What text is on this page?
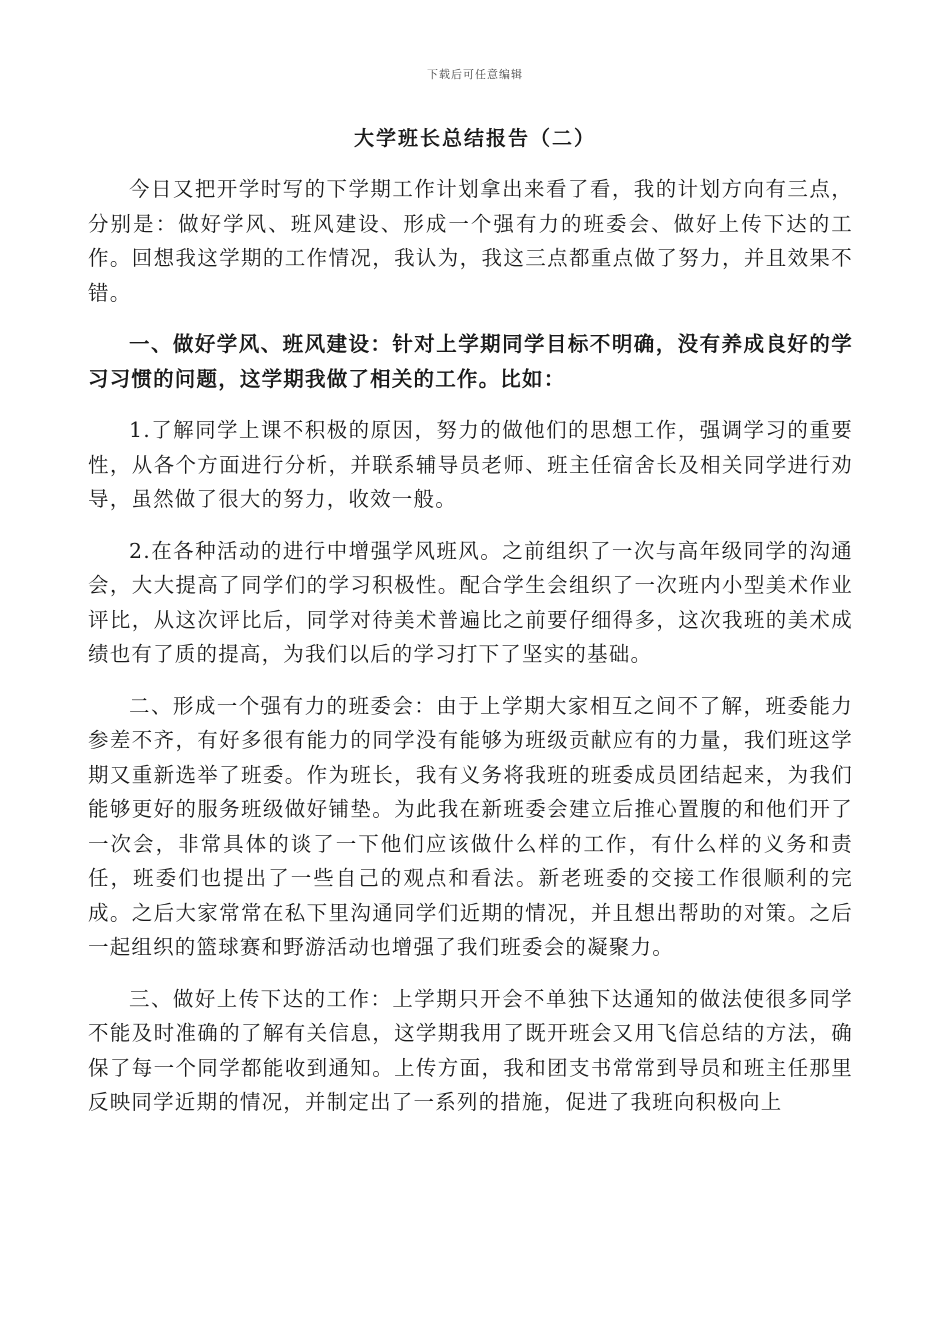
下载后可任意编辑
大学班长总结报告（二）

今日又把开学时写的下学期工作计划拿出来看了看，我的计划方向有三点，分别是：做好学风、班风建设、形成一个强有力的班委会、做好上传下达的工作。回想我这学期的工作情况，我认为，我这三点都重点做了努力，并且效果不错。

一、做好学风、班风建设：针对上学期同学目标不明确，没有养成良好的学习习惯的问题，这学期我做了相关的工作。比如：

1.了解同学上课不积极的原因，努力的做他们的思想工作，强调学习的重要性，从各个方面进行分析，并联系辅导员老师、班主任宿舍长及相关同学进行劝导，虽然做了很大的努力，收效一般。

2.在各种活动的进行中增强学风班风。之前组织了一次与高年级同学的沟通会，大大提高了同学们的学习积极性。配合学生会组织了一次班内小型美术作业评比，从这次评比后，同学对待美术普遍比之前要仔细得多，这次我班的美术成绩也有了质的提高，为我们以后的学习打下了坚实的基础。

二、形成一个强有力的班委会：由于上学期大家相互之间不了解，班委能力参差不齐，有好多很有能力的同学没有能够为班级贡献应有的力量，我们班这学期又重新选举了班委。作为班长，我有义务将我班的班委成员团结起来，为我们能够更好的服务班级做好铺垫。为此我在新班委会建立后推心置腹的和他们开了一次会，非常具体的谈了一下他们应该做什么样的工作，有什么样的义务和责任，班委们也提出了一些自己的观点和看法。新老班委的交接工作很顺利的完成。之后大家常常在私下里沟通同学们近期的情况，并且想出帮助的对策。之后一起组织的篮球赛和野游活动也增强了我们班委会的凝聚力。

三、做好上传下达的工作：上学期只开会不单独下达通知的做法使很多同学不能及时准确的了解有关信息，这学期我用了既开班会又用飞信总结的方法，确保了每一个同学都能收到通知。上传方面，我和团支书常常到导员和班主任那里反映同学近期的情况，并制定出了一系列的措施，促进了我班向积极向上
